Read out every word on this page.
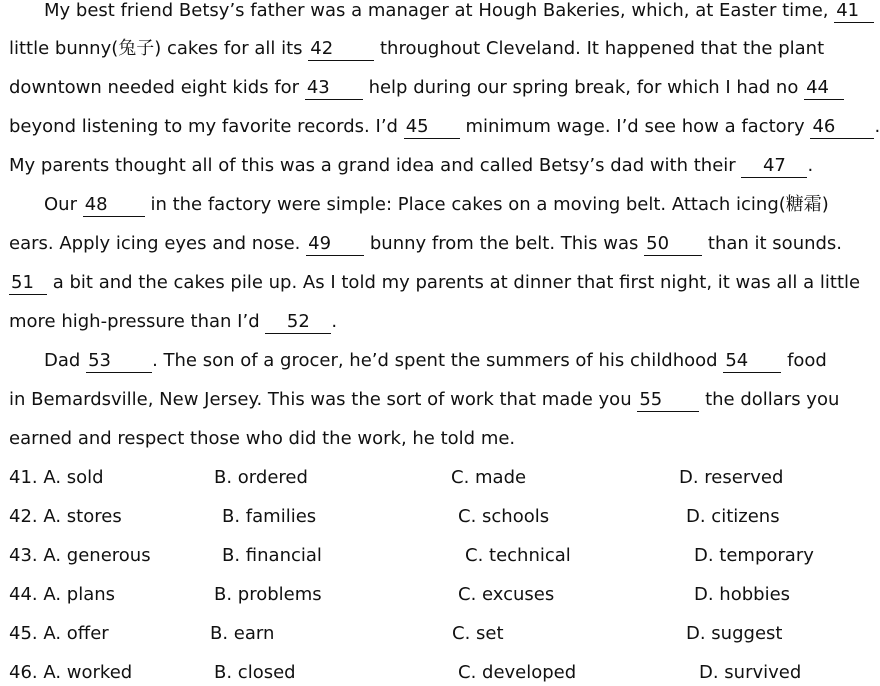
My best friend Betsy’s father was a manager at Hough Bakeries, which, at Easter time, 41
little bunny(兔子) cakes for all its 42	throughout Cleveland. It happened that the plant
downtown needed eight kids for 43 help during our spring break, for which I had no 44
beyond listening to my favorite records. I’d 45 minimum wage. I’d see how a factory 46 .
My parents thought all of this was a grand idea and called Betsy’s dad with their 47 .
Our 48 in the factory were simple: Place cakes on a moving belt. Attach icing(糖霜)
ears. Apply icing eyes and nose. 49 bunny from the belt. This was 50 than it sounds.
51 a bit and the cakes pile up. As I told my parents at dinner that first night, it was all a little
more high-pressure than I’d 52 .
Dad 53 . The son of a grocer, he’d spent the summers of his childhood 54 food
in Bemardsville, New Jersey. This was the sort of work that made you 55 the dollars you
earned and respect those who did the work, he told me.
41. A. sold	B. ordered	C. made	D. reserved
42. A. stores	B. families	C. schools	D. citizens
43. A. generous	B. financial	C. technical	D. temporary
44. A. plans	B. problems	C. excuses	D. hobbies
45. A. offer	B. earn	C. set	D. suggest
46. A. worked	B. closed	C. developed	D. survived
